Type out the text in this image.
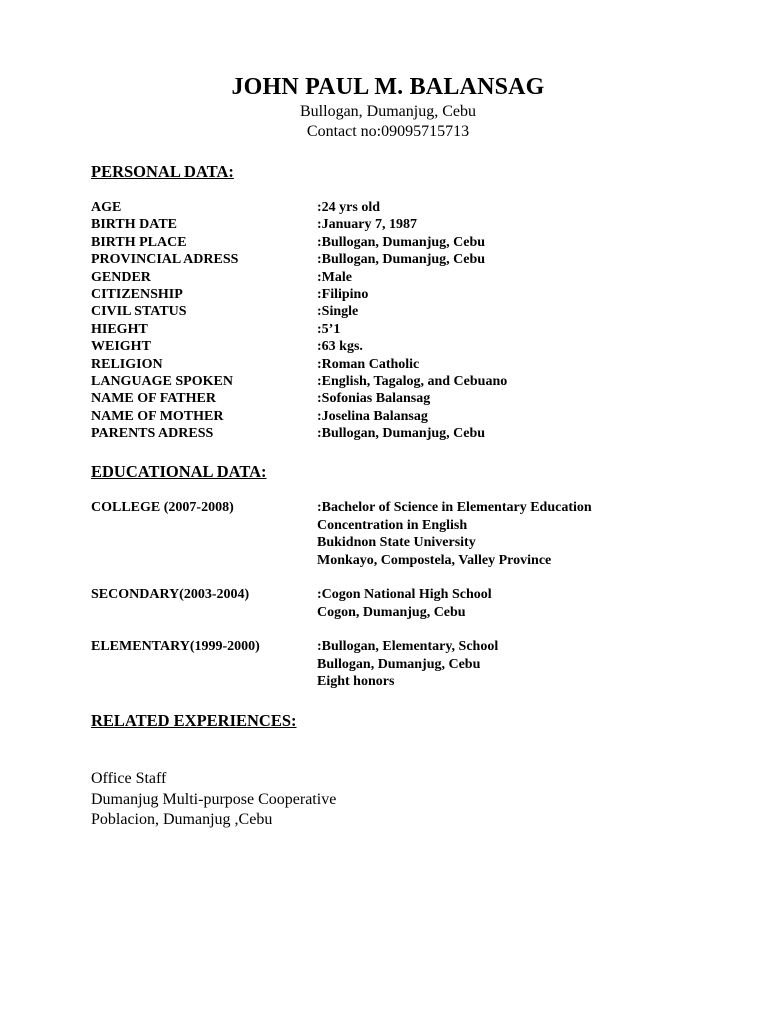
JOHN PAUL M. BALANSAG
Bullogan, Dumanjug, Cebu
Contact no:09095715713
PERSONAL DATA:
AGE	:24 yrs old
BIRTH DATE	:January 7, 1987
BIRTH PLACE	:Bullogan, Dumanjug, Cebu
PROVINCIAL ADRESS	:Bullogan, Dumanjug, Cebu
GENDER	:Male
CITIZENSHIP	:Filipino
CIVIL STATUS	:Single
HIEGHT	:5’1
WEIGHT	:63 kgs.
RELIGION	:Roman Catholic
LANGUAGE SPOKEN	:English, Tagalog, and Cebuano
NAME OF FATHER	:Sofonias Balansag
NAME OF MOTHER	:Joselina Balansag
PARENTS ADRESS	:Bullogan, Dumanjug, Cebu
EDUCATIONAL DATA:
COLLEGE (2007-2008)	:Bachelor of Science in Elementary Education
Concentration in English
Bukidnon State University
Monkayo, Compostela, Valley Province
SECONDARY(2003-2004)	:Cogon National High School
Cogon, Dumanjug, Cebu
ELEMENTARY(1999-2000)	:Bullogan, Elementary, School
Bullogan, Dumanjug, Cebu
Eight honors
RELATED EXPERIENCES:
Office Staff
Dumanjug Multi-purpose Cooperative
Poblacion, Dumanjug ,Cebu
